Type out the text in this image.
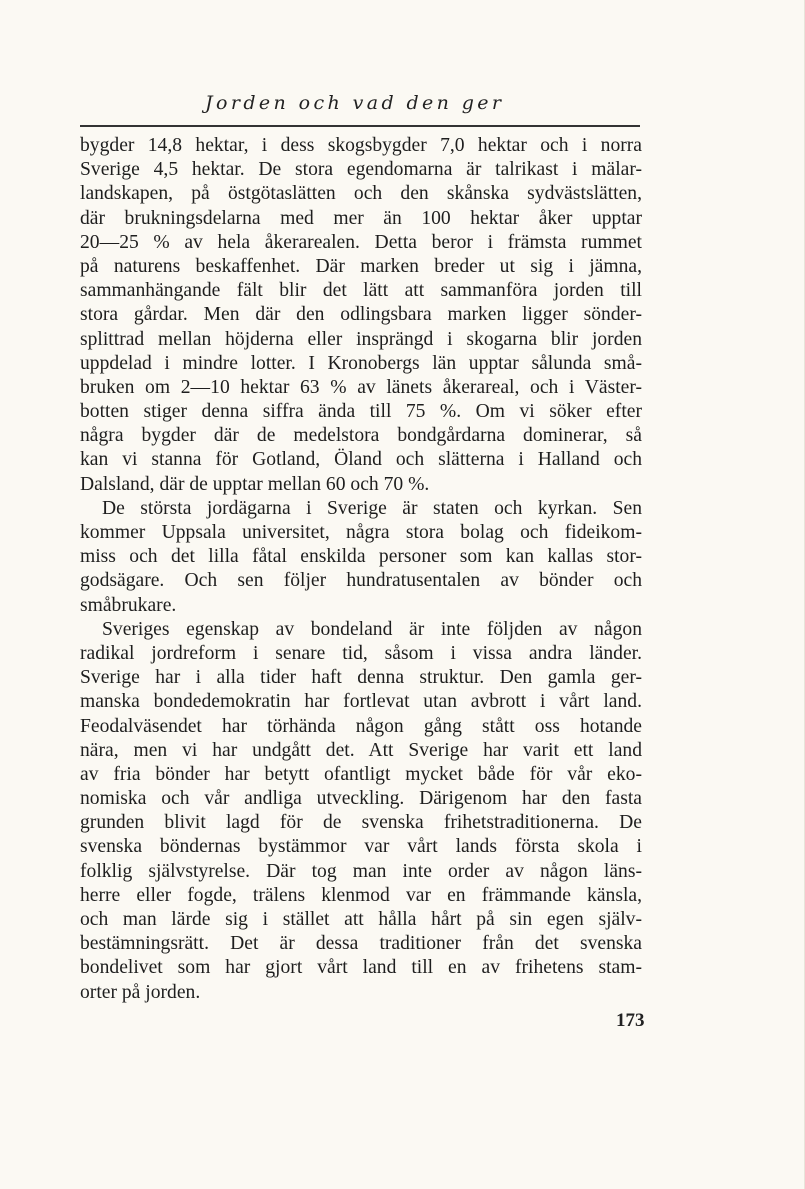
Jorden och vad den ger
bygder 14,8 hektar, i dess skogsbygder 7,0 hektar och i norra
Sverige 4,5 hektar. De stora egendomarna är talrikast i mälar-
landskapen, på östgötaslätten och den skånska sydvästslätten,
där brukningsdelarna med mer än 100 hektar åker upptar
20—25 % av hela åkerarealen. Detta beror i främsta rummet
på naturens beskaffenhet. Där marken breder ut sig i jämna,
sammanhängande fält blir det lätt att sammanföra jorden till
stora gårdar. Men där den odlingsbara marken ligger sönder-
splittrad mellan höjderna eller insprängd i skogarna blir jorden
uppdelad i mindre lotter. I Kronobergs län upptar sålunda små-
bruken om 2—10 hektar 63 % av länets åkerareal, och i Väster-
botten stiger denna siffra ända till 75 %. Om vi söker efter
några bygder där de medelstora bondgårdarna dominerar, så
kan vi stanna för Gotland, Öland och slätterna i Halland och
Dalsland, där de upptar mellan 60 och 70 %.
De största jordägarna i Sverige är staten och kyrkan. Sen
kommer Uppsala universitet, några stora bolag och fideikom-
miss och det lilla fåtal enskilda personer som kan kallas stor-
godsägare. Och sen följer hundratusentalen av bönder och
småbrukare.
Sveriges egenskap av bondeland är inte följden av någon
radikal jordreform i senare tid, såsom i vissa andra länder.
Sverige har i alla tider haft denna struktur. Den gamla ger-
manska bondedemokratin har fortlevat utan avbrott i vårt land.
Feodalväsendet har törhända någon gång stått oss hotande
nära, men vi har undgått det. Att Sverige har varit ett land
av fria bönder har betytt ofantligt mycket både för vår eko-
nomiska och vår andliga utveckling. Därigenom har den fasta
grunden blivit lagd för de svenska frihetstraditionerna. De
svenska böndernas bystämmor var vårt lands första skola i
folklig självstyrelse. Där tog man inte order av någon läns-
herre eller fogde, trälens klenmod var en främmande känsla,
och man lärde sig i stället att hålla hårt på sin egen själv-
bestämningsrätt. Det är dessa traditioner från det svenska
bondelivet som har gjort vårt land till en av frihetens stam-
orter på jorden.
173
